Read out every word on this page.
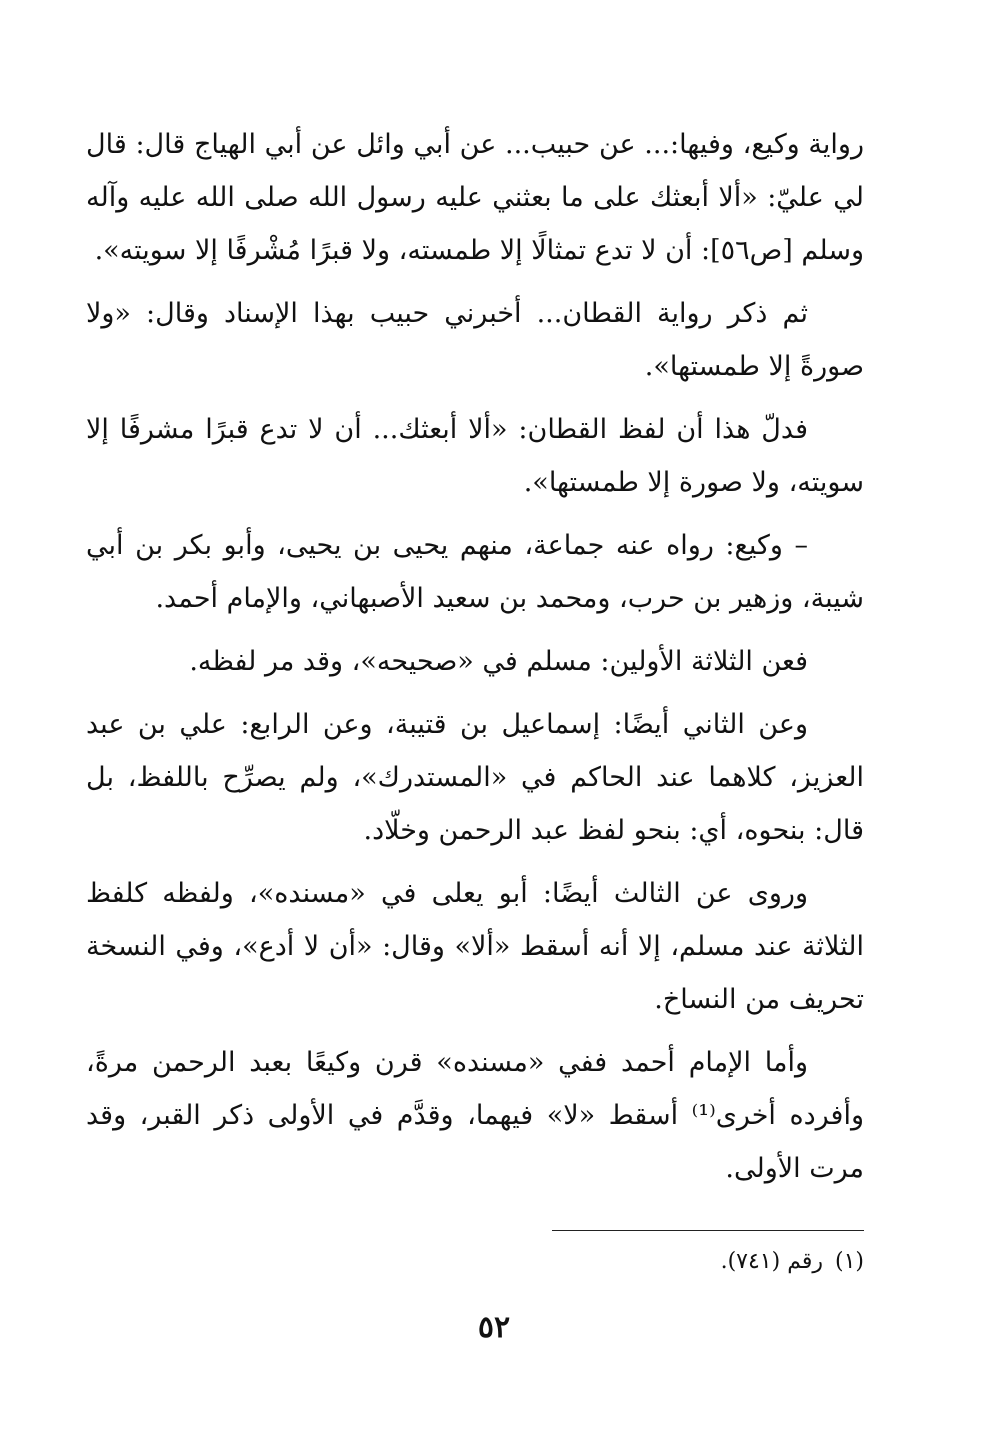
رواية وكيع، وفيها:... عن حبيب... عن أبي وائل عن أبي الهياج قال: قال لي عليّ: «ألا أبعثك على ما بعثني عليه رسول الله صلى الله عليه وآله وسلم [ص٥٦]: أن لا تدع تمثالًا إلا طمسته، ولا قبرًا مُشْرفًا إلا سويته».
ثم ذكر رواية القطان... أخبرني حبيب بهذا الإسناد وقال: «ولا صورةً إلا طمستها».
فدلّ هذا أن لفظ القطان: «ألا أبعثك... أن لا تدع قبرًا مشرفًا إلا سويته، ولا صورة إلا طمستها».
– وكيع: رواه عنه جماعة، منهم يحيى بن يحيى، وأبو بكر بن أبي شيبة، وزهير بن حرب، ومحمد بن سعيد الأصبهاني، والإمام أحمد.
فعن الثلاثة الأولين: مسلم في «صحيحه»، وقد مر لفظه.
وعن الثاني أيضًا: إسماعيل بن قتيبة، وعن الرابع: علي بن عبد العزيز، كلاهما عند الحاكم في «المستدرك»، ولم يصرِّح باللفظ، بل قال: بنحوه، أي: بنحو لفظ عبد الرحمن وخلّاد.
وروى عن الثالث أيضًا: أبو يعلى في «مسنده»، ولفظه كلفظ الثلاثة عند مسلم، إلا أنه أسقط «ألا» وقال: «أن لا أدع»، وفي النسخة تحريف من النساخ.
وأما الإمام أحمد ففي «مسنده» قرن وكيعًا بعبد الرحمن مرةً، وأفرده أخرى⁽¹⁾ أسقط «لا» فيهما، وقدَّم في الأولى ذكر القبر، وقد مرت الأولى.
(١)رقم (٧٤١).
٥٢
